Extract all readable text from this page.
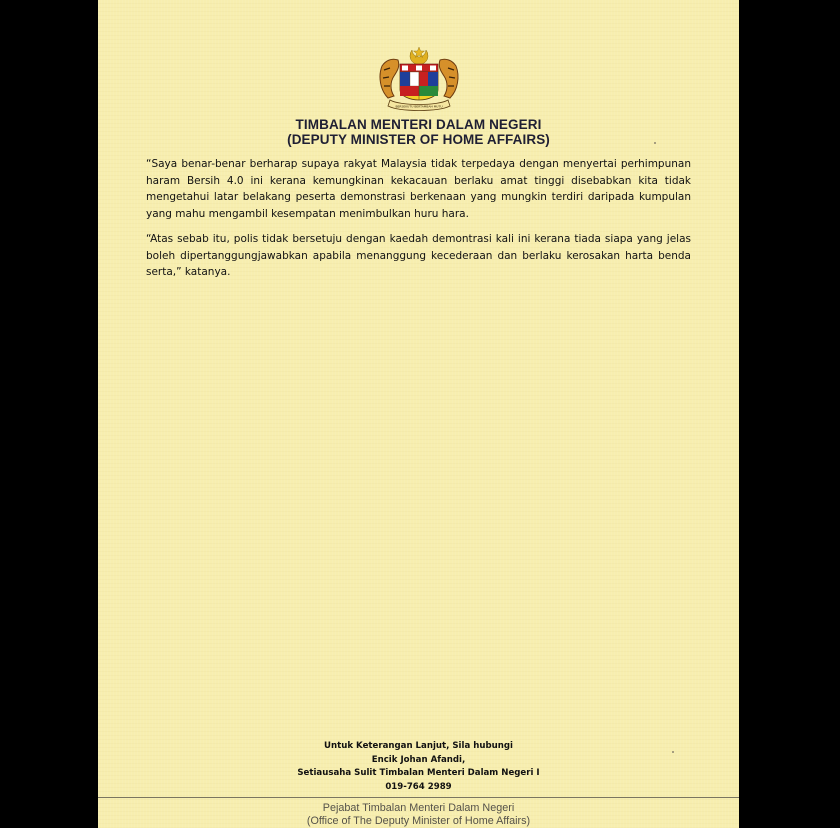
BERSEKUTU BERTAMBAH MUTU
TIMBALAN MENTERI DALAM NEGERI
(DEPUTY MINISTER OF HOME AFFAIRS)
“Saya benar-benar berharap supaya rakyat Malaysia tidak terpedaya dengan menyertai perhimpunan haram Bersih 4.0 ini kerana kemungkinan kekacauan berlaku amat tinggi disebabkan kita tidak mengetahui latar belakang peserta demonstrasi berkenaan yang mungkin terdiri daripada kumpulan yang mahu mengambil kesempatan menimbulkan huru hara.
“Atas sebab itu, polis tidak bersetuju dengan kaedah demontrasi kali ini kerana tiada siapa yang jelas boleh dipertanggungjawabkan apabila menanggung kecederaan dan berlaku kerosakan harta benda serta,” katanya.
Untuk Keterangan Lanjut, Sila hubungi
Encik Johan Afandi,
Setiausaha Sulit Timbalan Menteri Dalam Negeri I
019-764 2989
Pejabat Timbalan Menteri Dalam Negeri
(Office of The Deputy Minister of Home Affairs)
